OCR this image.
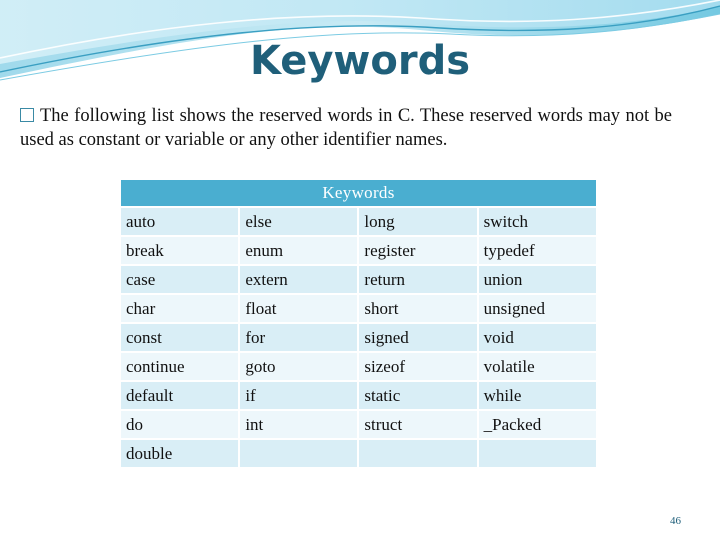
Keywords
The following list shows the reserved words in C. These reserved words may not be used as constant or variable or any other identifier names.
Keywords			
auto	else	long	switch
break	enum	register	typedef
case	extern	return	union
char	float	short	unsigned
const	for	signed	void
continue	goto	sizeof	volatile
default	if	static	while
do	int	struct	_Packed
double			
46
